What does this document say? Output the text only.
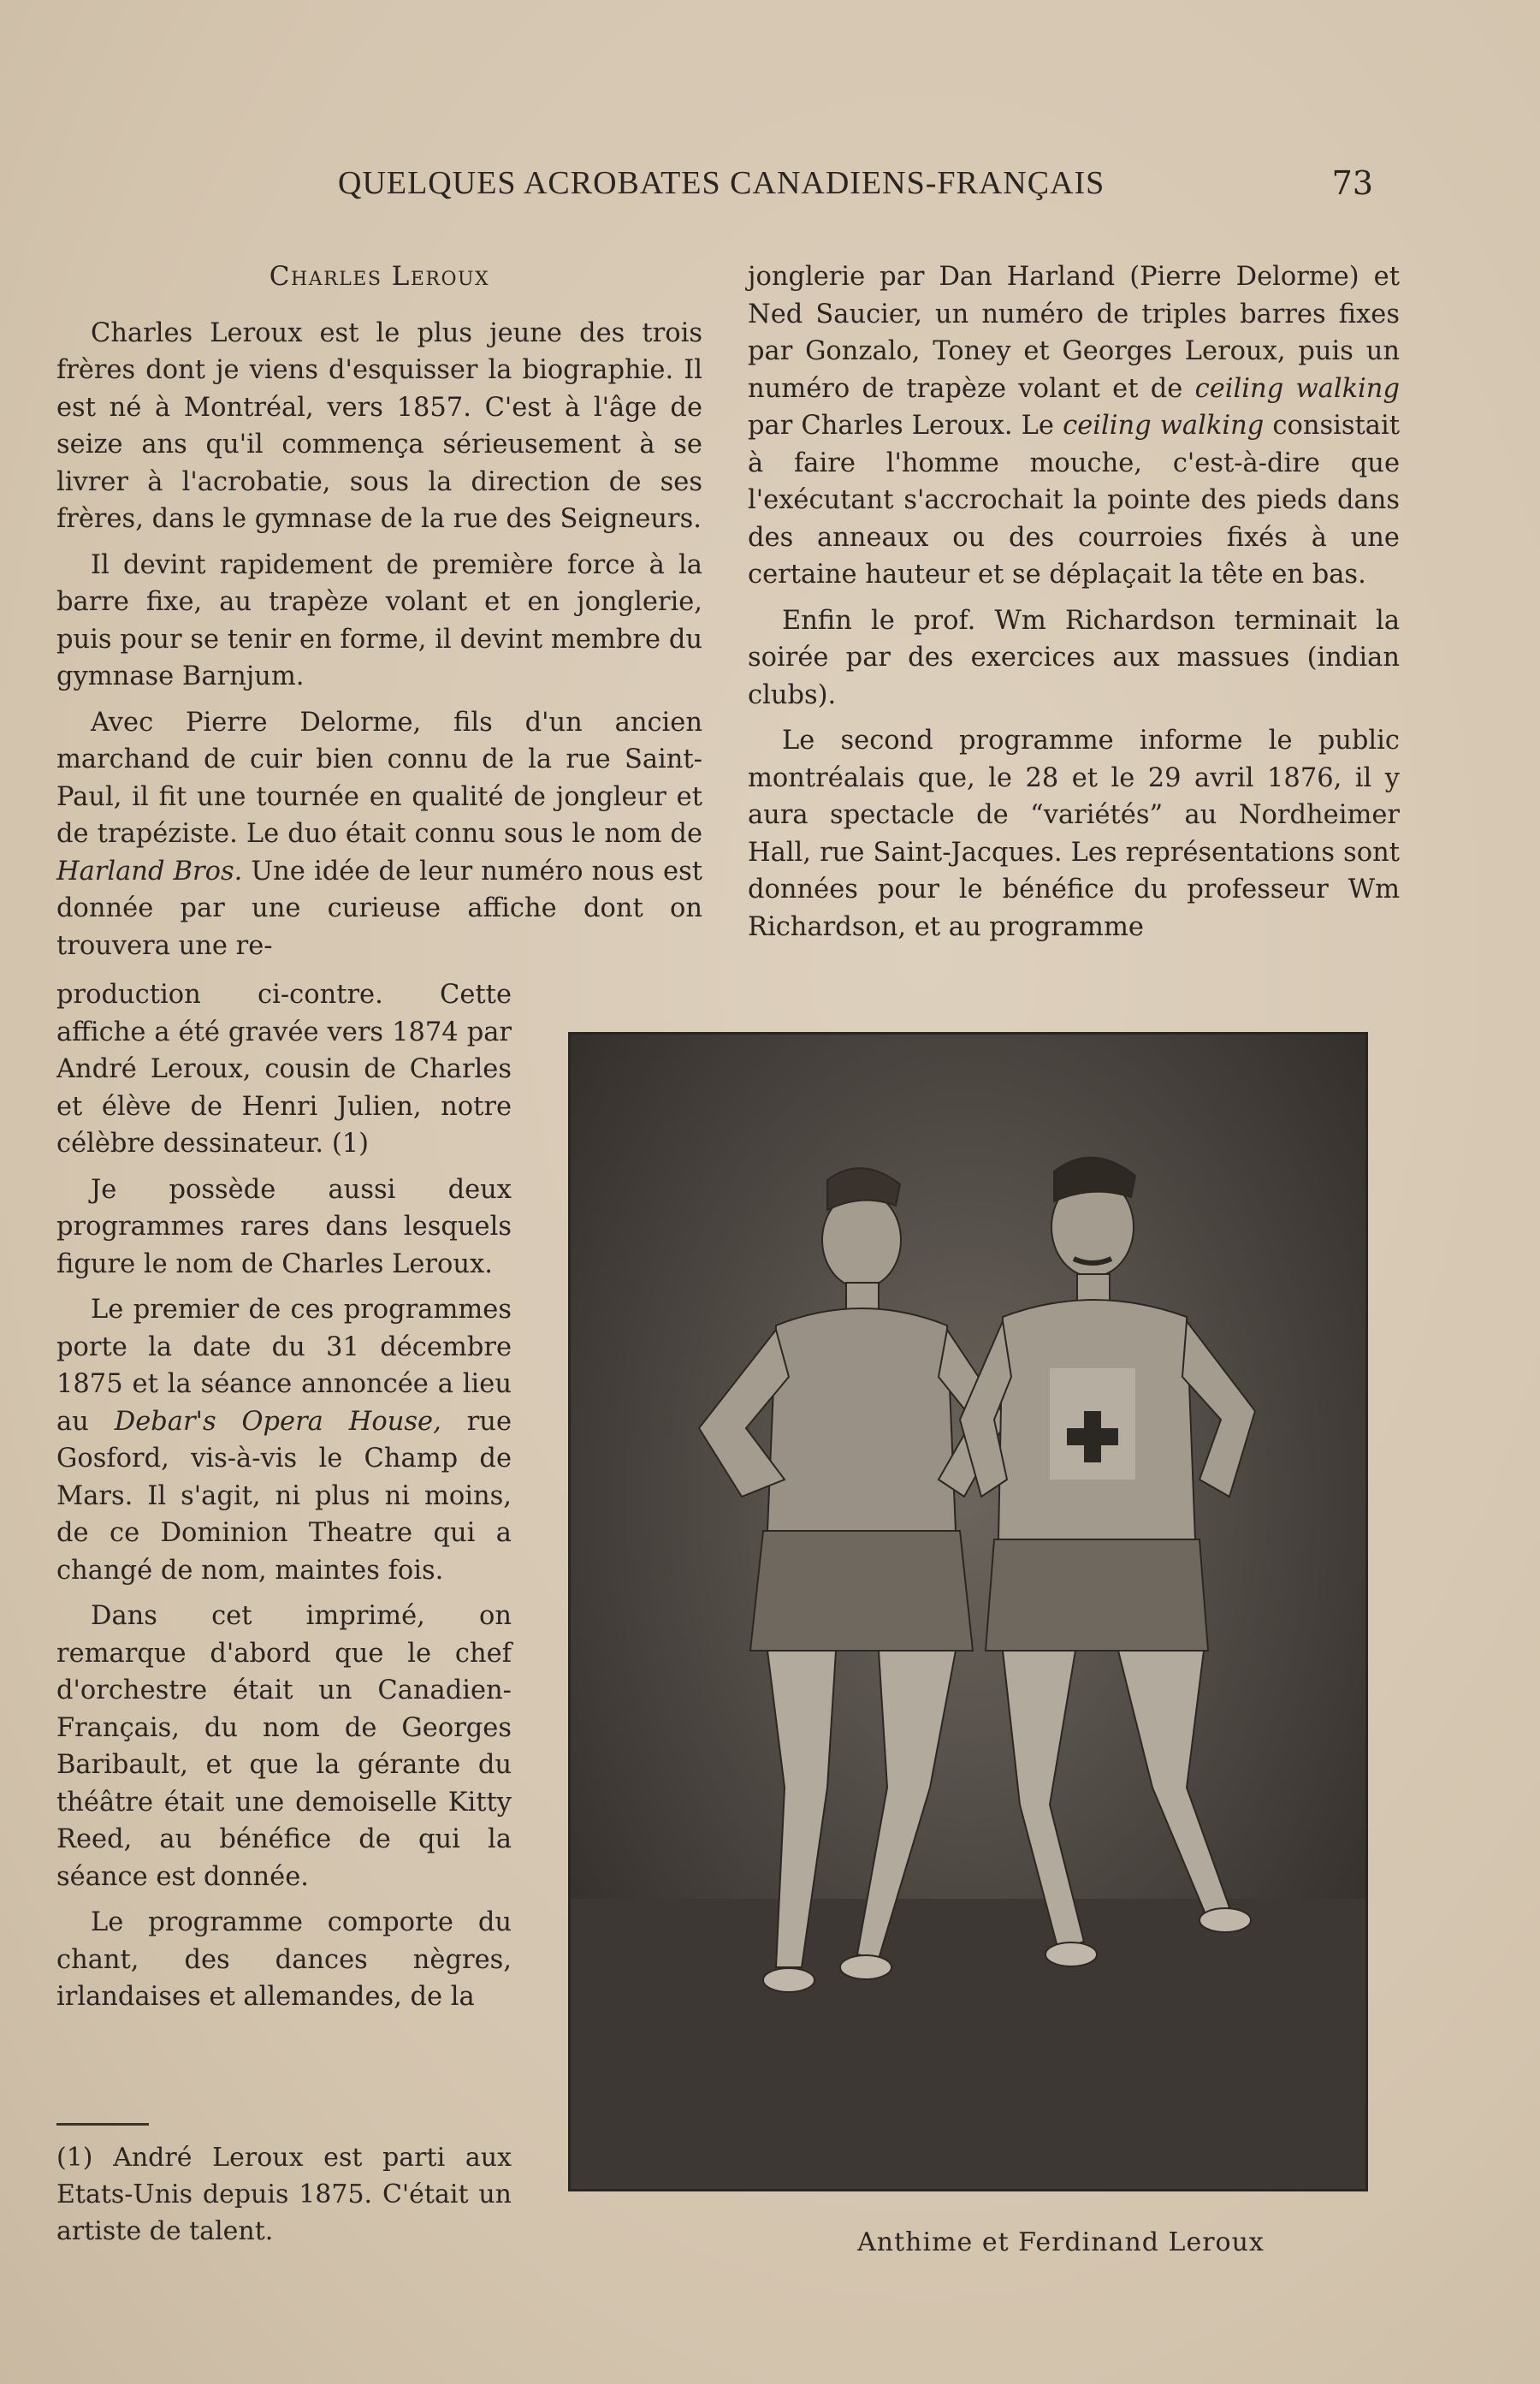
QUELQUES ACROBATES CANADIENS-FRANÇAIS	73

Charles Leroux

Charles Leroux est le plus jeune des trois frères dont je viens d'esquisser la biographie. Il est né à Montréal, vers 1857. C'est à l'âge de seize ans qu'il commença sérieusement à se livrer à l'acrobatie, sous la direction de ses frères, dans le gymnase de la rue des Seigneurs.

Il devint rapidement de première force à la barre fixe, au trapèze volant et en jonglerie, puis pour se tenir en forme, il devint membre du gymnase Barnjum.

Avec Pierre Delorme, fils d'un ancien marchand de cuir bien connu de la rue Saint-Paul, il fit une tournée en qualité de jongleur et de trapéziste. Le duo était connu sous le nom de Harland Bros. Une idée de leur numéro nous est donnée par une curieuse affiche dont on trouvera une re-

production ci-contre. Cette affiche a été gravée vers 1874 par André Leroux, cousin de Charles et élève de Henri Julien, notre célèbre dessinateur. (1)

Je possède aussi deux programmes rares dans lesquels figure le nom de Charles Leroux.

Le premier de ces programmes porte la date du 31 décembre 1875 et la séance annoncée a lieu au Debar's Opera House, rue Gosford, vis-à-vis le Champ de Mars. Il s'agit, ni plus ni moins, de ce Dominion Theatre qui a changé de nom, maintes fois.

Dans cet imprimé, on remarque d'abord que le chef d'orchestre était un Canadien-Français, du nom de Georges Baribault, et que la gérante du théâtre était une demoiselle Kitty Reed, au bénéfice de qui la séance est donnée.

Le programme comporte du chant, des dances nègres, irlandaises et allemandes, de la

jonglerie par Dan Harland (Pierre Delorme) et Ned Saucier, un numéro de triples barres fixes par Gonzalo, Toney et Georges Leroux, puis un numéro de trapèze volant et de ceiling walking par Charles Leroux. Le ceiling walking consistait à faire l'homme mouche, c'est-à-dire que l'exécutant s'accrochait la pointe des pieds dans des anneaux ou des courroies fixés à une certaine hauteur et se déplaçait la tête en bas.

Enfin le prof. Wm Richardson terminait la soirée par des exercices aux massues (indian clubs).

Le second programme informe le public montréalais que, le 28 et le 29 avril 1876, il y aura spectacle de “variétés” au Nordheimer Hall, rue Saint-Jacques. Les représentations sont données pour le bénéfice du professeur Wm Richardson, et au programme

Anthime et Ferdinand Leroux

(1) André Leroux est parti aux Etats-Unis depuis 1875. C'était un artiste de talent.
